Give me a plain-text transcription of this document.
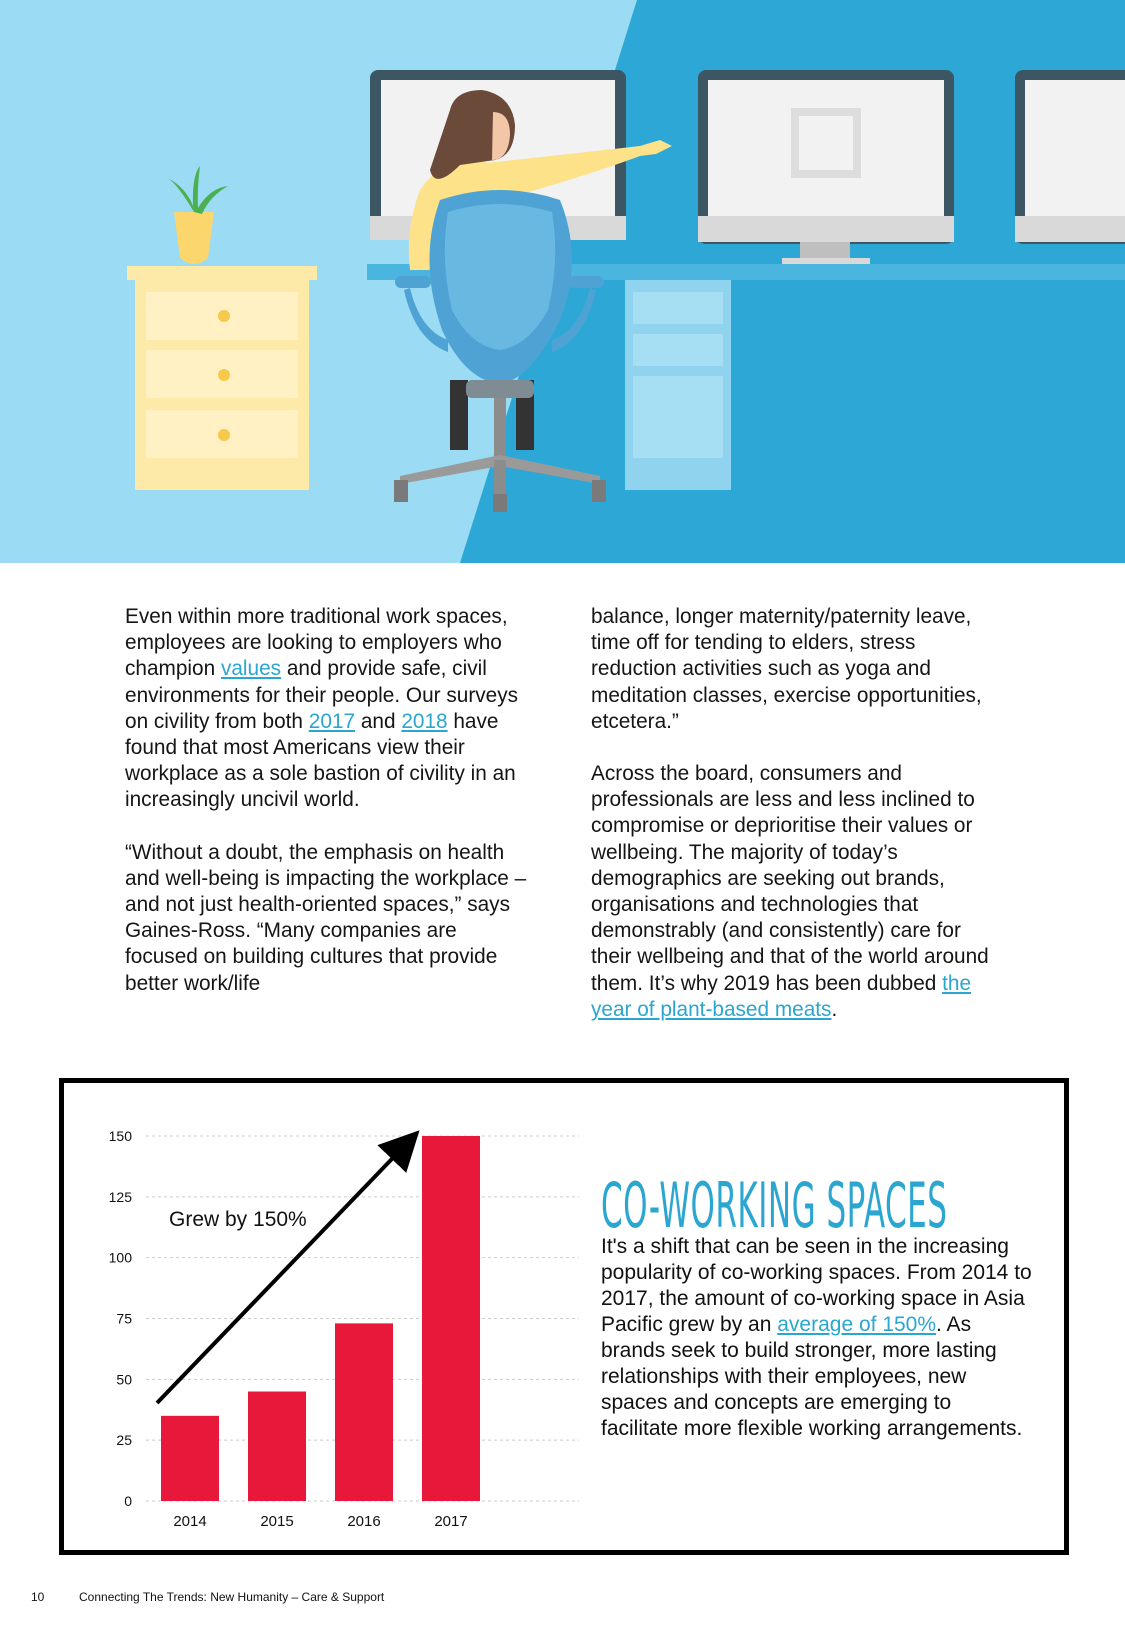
Even within more traditional work spaces, employees are looking to employers who champion values and provide safe, civil environments for their people. Our surveys on civility from both 2017 and 2018 have found that most Americans view their workplace as a sole bastion of civility in an increasingly uncivil world.

“Without a doubt, the emphasis on health and well-being is impacting the workplace – and not just health-oriented spaces,” says Gaines-Ross. “Many companies are focused on building cultures that provide better work/life

balance, longer maternity/paternity leave, time off for tending to elders, stress reduction activities such as yoga and meditation classes, exercise opportunities, etcetera.”

Across the board, consumers and professionals are less and less inclined to compromise or deprioritise their values or wellbeing. The majority of today’s demographics are seeking out brands, organisations and technologies that demonstrably (and consistently) care for their wellbeing and that of the world around them. It’s why 2019 has been dubbed the year of plant-based meats.

0
25
50
75
100
125
150
2014	2015	2016	2017
Grew by 150%	CO-WORKING SPACES

It's a shift that can be seen in the increasing popularity of co-working spaces. From 2014 to 2017, the amount of co-working space in Asia Pacific grew by an average of 150%. As brands seek to build stronger, more lasting relationships with their employees, new spaces and concepts are emerging to facilitate more flexible working arrangements.

10	Connecting The Trends: New Humanity – Care & Support
